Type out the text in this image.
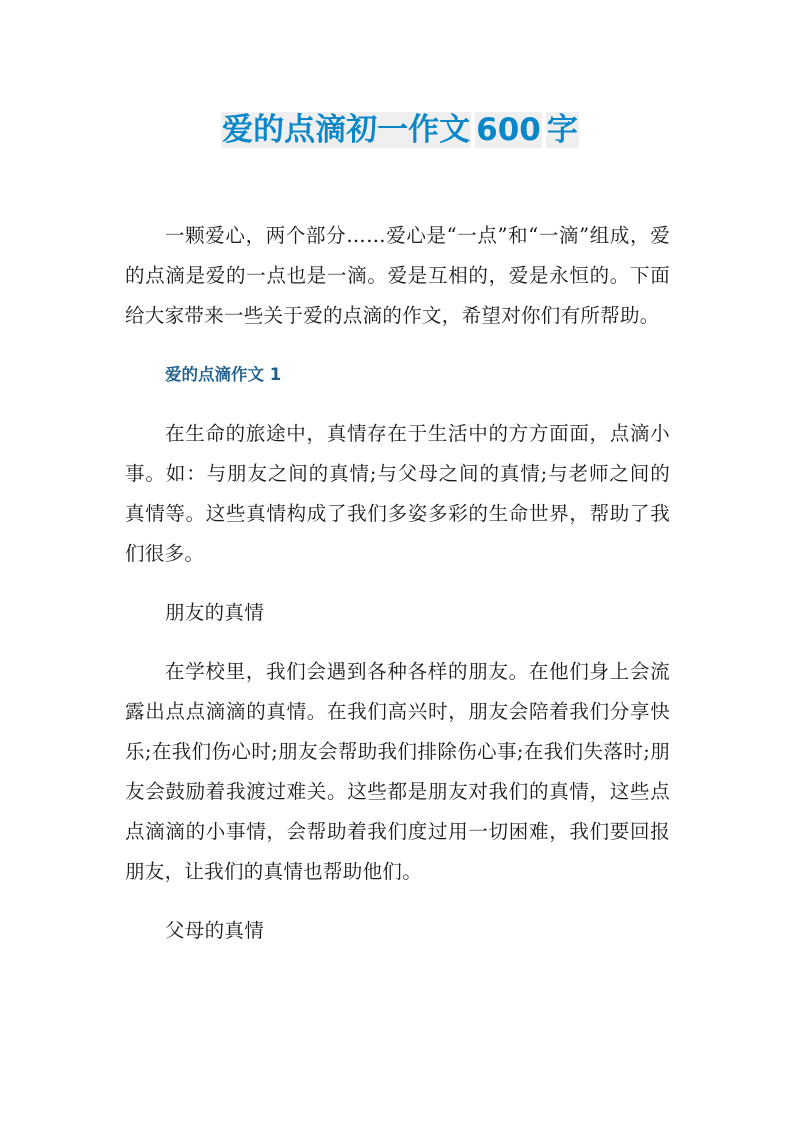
爱的点滴初一作文 600 字

一颗爱心，两个部分……爱心是“一点”和“一滴”组成，爱的点滴是爱的一点也是一滴。爱是互相的，爱是永恒的。下面给大家带来一些关于爱的点滴的作文，希望对你们有所帮助。

爱的点滴作文 1

在生命的旅途中，真情存在于生活中的方方面面，点滴小事。如：与朋友之间的真情;与父母之间的真情;与老师之间的真情等。这些真情构成了我们多姿多彩的生命世界，帮助了我们很多。

朋友的真情

在学校里，我们会遇到各种各样的朋友。在他们身上会流露出点点滴滴的真情。在我们高兴时，朋友会陪着我们分享快乐;在我们伤心时;朋友会帮助我们排除伤心事;在我们失落时;朋友会鼓励着我渡过难关。这些都是朋友对我们的真情，这些点点滴滴的小事情，会帮助着我们度过用一切困难，我们要回报朋友，让我们的真情也帮助他们。

父母的真情
